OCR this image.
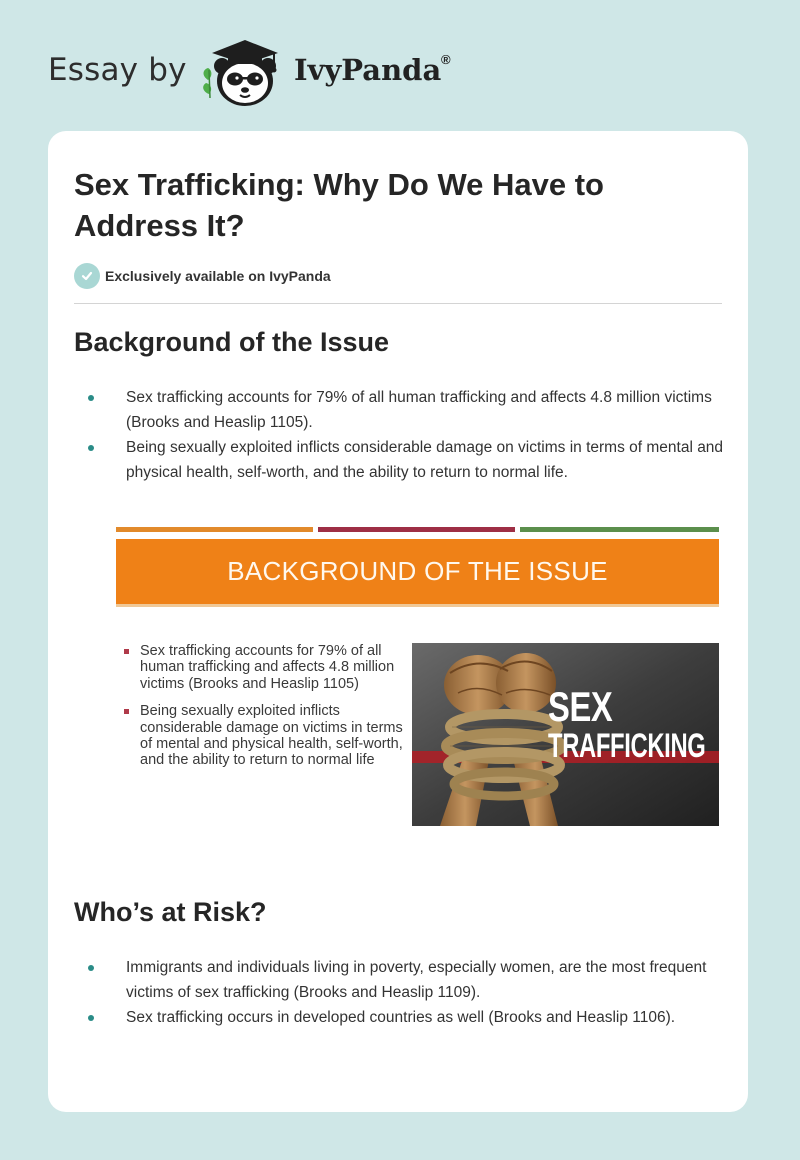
Essay by	IvyPanda ®
Sex Trafficking: Why Do We Have to Address It?
Exclusively available on IvyPanda
Background of the Issue
Sex trafficking accounts for 79% of all human trafficking and affects 4.8 million victims (Brooks and Heaslip 1105).
Being sexually exploited inflicts considerable damage on victims in terms of mental and physical health, self-worth, and the ability to return to normal life.
BACKGROUND OF THE ISSUE
Sex trafficking accounts for 79% of all human trafficking and affects 4.8 million victims (Brooks and Heaslip 1105)
Being sexually exploited inflicts considerable damage on victims in terms of mental and physical health, self-worth, and the ability to return to normal life
SEX
TRAFFICKING
Who’s at Risk?
Immigrants and individuals living in poverty, especially women, are the most frequent victims of sex trafficking (Brooks and Heaslip 1109).
Sex trafficking occurs in developed countries as well (Brooks and Heaslip 1106).
